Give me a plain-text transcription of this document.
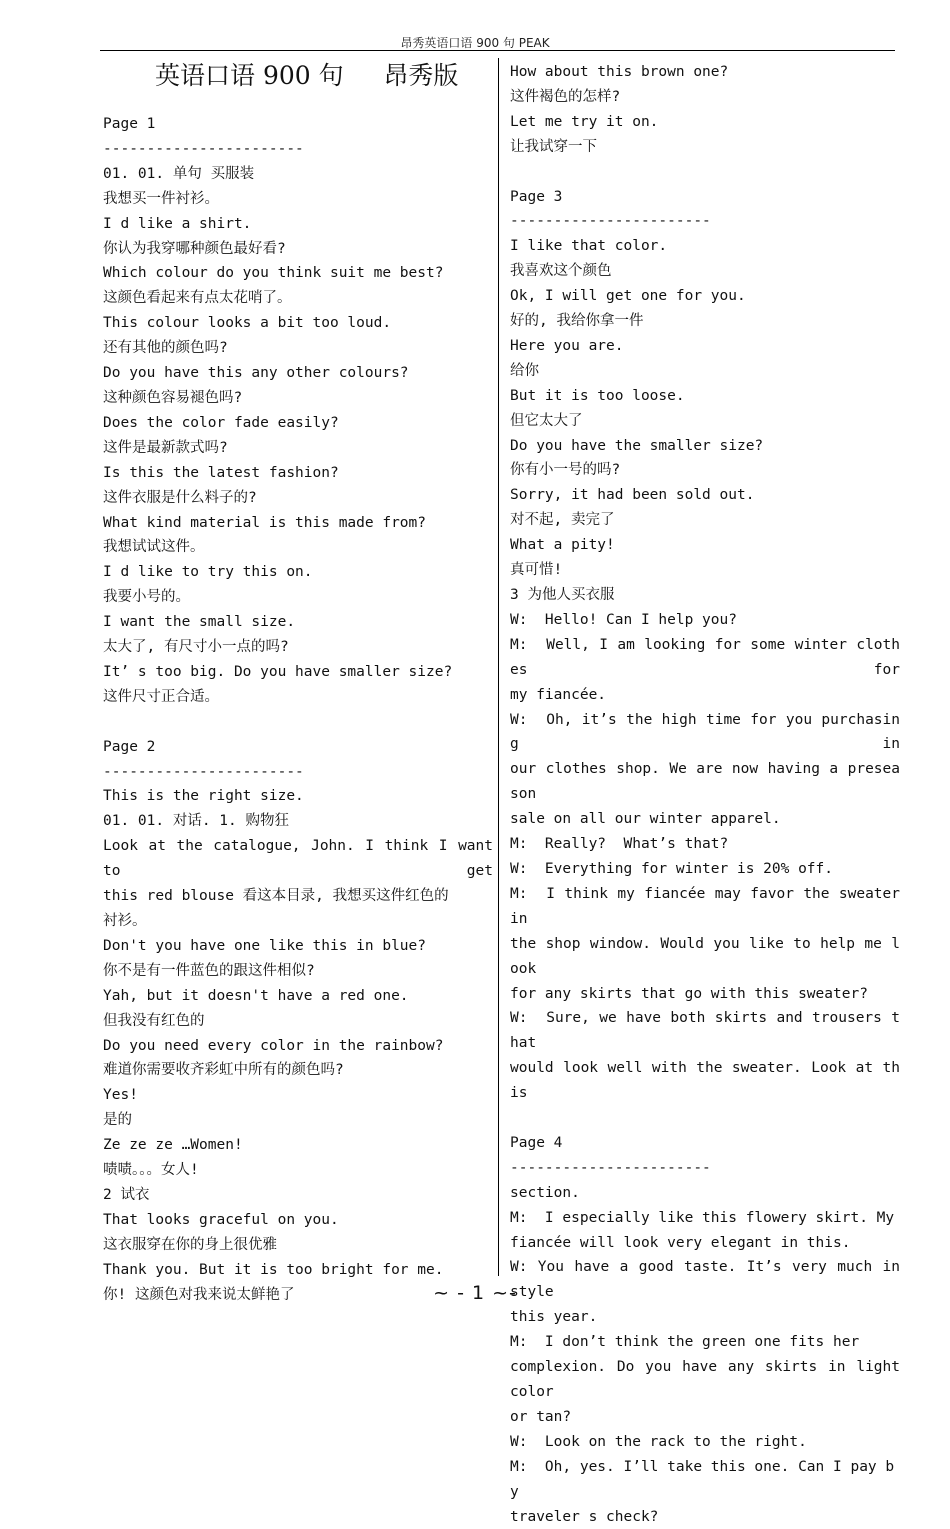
昂秀英语口语 900 句 PEAK
英语口语 900 句     昂秀版
Page 1
-----------------------
01. 01. 单句 买服装
我想买一件衬衫。
I d like a shirt.
你认为我穿哪种颜色最好看?
Which colour do you think suit me best?
这颜色看起来有点太花哨了。
This colour looks a bit too loud.
还有其他的颜色吗?
Do you have this any other colours?
这种颜色容易褪色吗?
Does the color fade easily?
这件是最新款式吗?
Is this the latest fashion?
这件衣服是什么料子的?
What kind material is this made from?
我想试试这件。
I d like to try this on.
我要小号的。
I want the small size.
太大了, 有尺寸小一点的吗?
It’ s too big. Do you have smaller size?
这件尺寸正合适。
Page 2
-----------------------
This is the right size.
01. 01. 对话. 1. 购物狂
Look at the catalogue, John. I think I want to get
this red blouse 看这本目录, 我想买这件红色的
衬衫。
Don't you have one like this in blue?
你不是有一件蓝色的跟这件相似?
Yah, but it doesn't have a red one.
但我没有红色的
Do you need every color in the rainbow?
难道你需要收齐彩虹中所有的颜色吗?
Yes!
是的
Ze ze ze …Women!
啧啧。。。女人!
2 试衣
That looks graceful on you.
这衣服穿在你的身上很优雅
Thank you. But it is too bright for me.
你! 这颜色对我来说太鲜艳了
How about this brown one?
这件褐色的怎样?
Let me try it on.
让我试穿一下
Page 3
-----------------------
I like that color.
我喜欢这个颜色
Ok, I will get one for you.
好的, 我给你拿一件
Here you are.
给你
But it is too loose.
但它太大了
Do you have the smaller size?
你有小一号的吗?
Sorry, it had been sold out.
对不起, 卖完了
What a pity!
真可惜!
3 为他人买衣服
W:  Hello! Can I help you?
M:  Well, I am looking for some winter clothes for
my fiancée.
W:  Oh, it’s the high time for you purchasing in
our clothes shop. We are now having a preseason
sale on all our winter apparel.
M:  Really?  What’s that?
W:  Everything for winter is 20% off.
M:  I think my fiancée may favor the sweater in
the shop window. Would you like to help me look
for any skirts that go with this sweater?
W:  Sure, we have both skirts and trousers that
would look well with the sweater. Look at this
Page 4
-----------------------
section.
M:  I especially like this flowery skirt. My
fiancée will look very elegant in this.
W: You have a good taste. It’s very much in style
this year.
M:  I don’t think the green one fits her
complexion. Do you have any skirts in light color
or tan?
W:  Look on the rack to the right.
M:  Oh, yes. I’ll take this one. Can I pay by
traveler s check?
~ - 1 ~-
